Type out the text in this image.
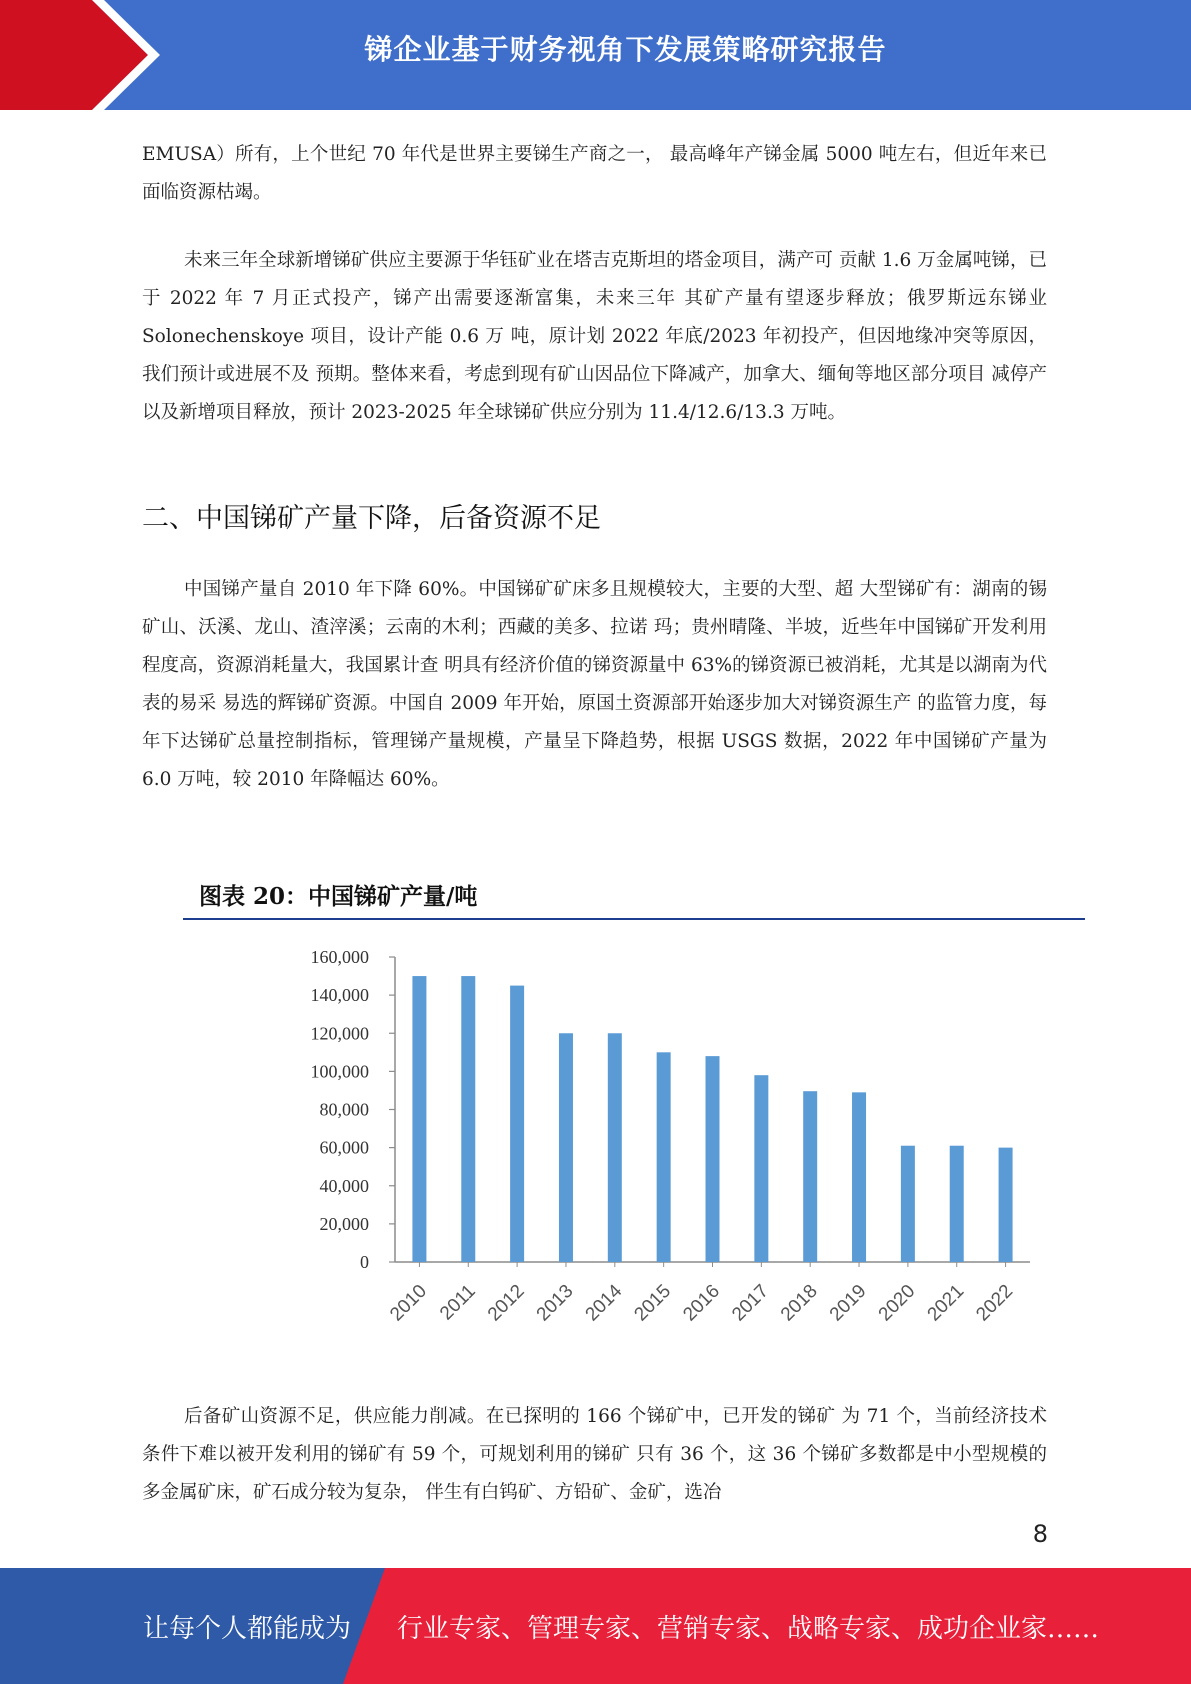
锑企业基于财务视角下发展策略研究报告

EMUSA）所有，上个世纪 70 年代是世界主要锑生产商之一， 最高峰年产锑金属 5000 吨左右，但近年来已面临资源枯竭。

未来三年全球新增锑矿供应主要源于华钰矿业在塔吉克斯坦的塔金项目，满产可 贡献 1.6 万金属吨锑，已于 2022 年 7 月正式投产，锑产出需要逐渐富集，未来三年 其矿产量有望逐步释放；俄罗斯远东锑业 Solonechenskoye 项目，设计产能 0.6 万 吨，原计划 2022 年底/2023 年初投产，但因地缘冲突等原因，我们预计或进展不及 预期。整体来看，考虑到现有矿山因品位下降减产，加拿大、缅甸等地区部分项目 减停产以及新增项目释放，预计 2023-2025 年全球锑矿供应分别为 11.4/12.6/13.3 万吨。

二、中国锑矿产量下降，后备资源不足

中国锑产量自 2010 年下降 60%。中国锑矿矿床多且规模较大，主要的大型、超 大型锑矿有：湖南的锡矿山、沃溪、龙山、渣滓溪；云南的木利；西藏的美多、拉诺 玛；贵州晴隆、半坡，近些年中国锑矿开发利用程度高，资源消耗量大，我国累计查 明具有经济价值的锑资源量中 63%的锑资源已被消耗，尤其是以湖南为代表的易采 易选的辉锑矿资源。中国自 2009 年开始，原国土资源部开始逐步加大对锑资源生产 的监管力度，每年下达锑矿总量控制指标，管理锑产量规模，产量呈下降趋势，根据 USGS 数据，2022 年中国锑矿产量为 6.0 万吨，较 2010 年降幅达 60%。

图表 20：中国锑矿产量/吨
0
20,000
40,000
60,000
80,000
100,000
120,000
140,000
160,000
2010 2011 2012 2013 2014 2015 2016 2017 2018 2019 2020 2021 2022

后备矿山资源不足，供应能力削减。在已探明的 166 个锑矿中，已开发的锑矿 为 71 个，当前经济技术条件下难以被开发利用的锑矿有 59 个，可规划利用的锑矿 只有 36 个，这 36 个锑矿多数都是中小型规模的多金属矿床，矿石成分较为复杂， 伴生有白钨矿、方铅矿、金矿，选冶

8
让每个人都能成为 行业专家、管理专家、营销专家、战略专家、成功企业家……
